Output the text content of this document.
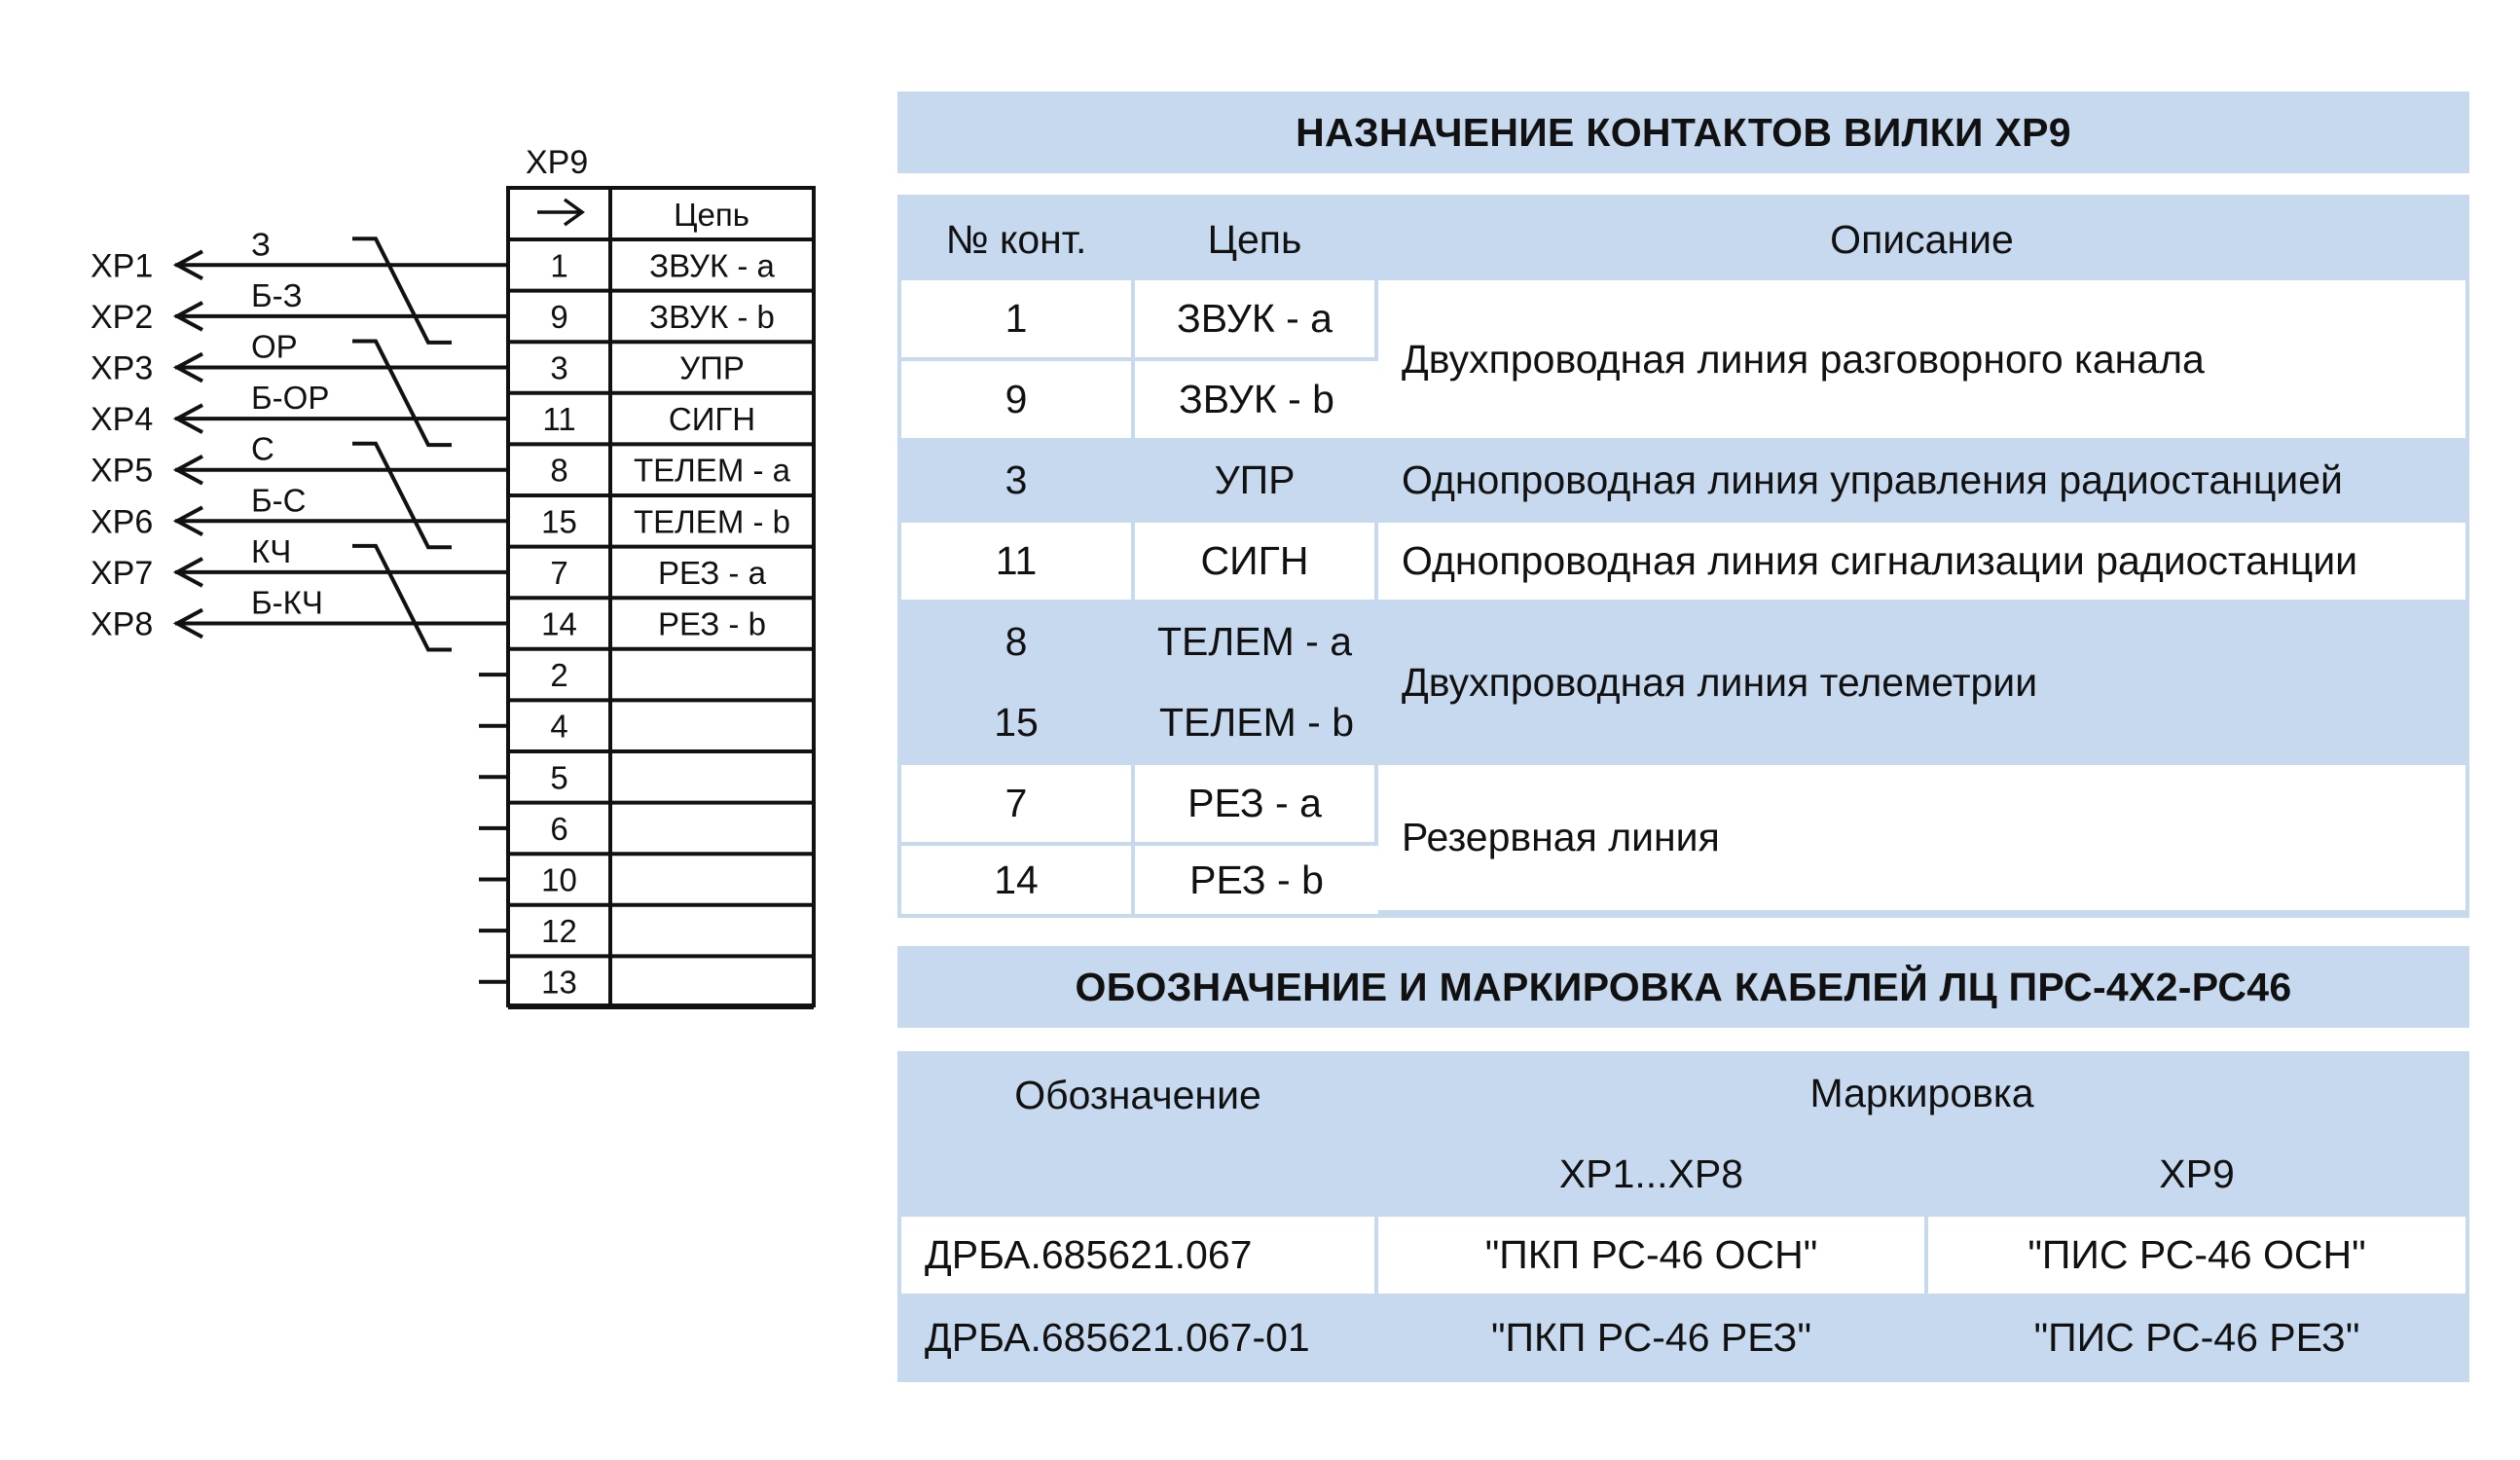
ХР9
Цепь
1	ЗВУК - a
9	ЗВУК - b
3	УПР
11	СИГН
8 ТЕЛЕМ - a
15 ТЕЛЕМ - b
7	РЕЗ - a
14	РЕЗ - b
2
4
5
6
10
12
13
ХР1
З
ХР2
Б-З
ХР3
ОР
ХР4
Б-ОР
ХР5
С
ХР6
Б-С
ХР7
КЧ
ХР8
Б-КЧ
НАЗНАЧЕНИЕ КОНТАКТОВ ВИЛКИ ХР9
№ конт.	Цепь	Описание
1	ЗВУК - a	Двухпроводная линия разговорного канала
9	ЗВУК - b	
3	УПР	Однопроводная линия управления радиостанцией
11	СИГН	Однопроводная линия сигнализации радиостанции
8	ТЕЛЕМ - a	Двухпроводная линия телеметрии
15	ТЕЛЕМ - b	
7	РЕЗ - a	Резервная линия
14	РЕЗ - b	
ОБОЗНАЧЕНИЕ И МАРКИРОВКА КАБЕЛЕЙ ЛЦ ПРС-4Х2-РС46
Обозначение	Маркировка	
	ХР1...ХР8	ХР9
ДРБА.685621.067	"ПКП РС-46 ОСН"	"ПИС РС-46 ОСН"
ДРБА.685621.067-01	"ПКП РС-46 РЕЗ"	"ПИС РС-46 РЕЗ"
